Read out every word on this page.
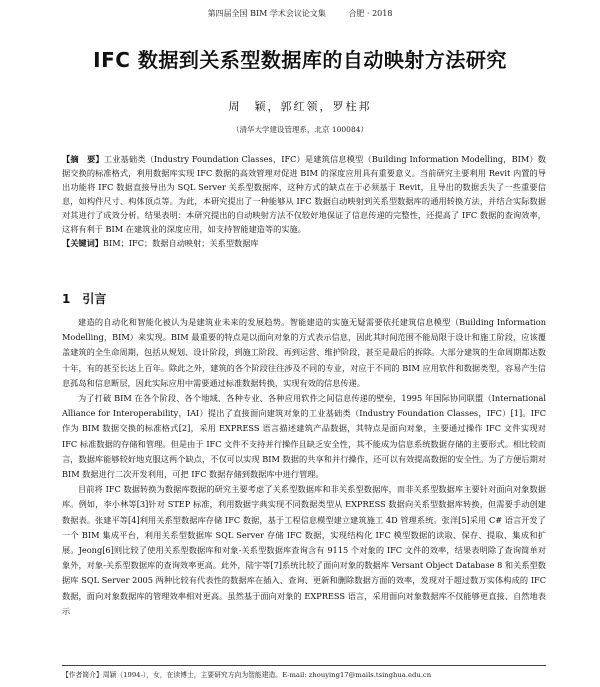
第四届全国 BIM 学术会议论文集	合肥 · 2018
IFC 数据到关系型数据库的自动映射方法研究
周　颖，郭红领，罗柱邦
（清华大学建设管理系，北京 100084）
【摘　要】工业基础类（Industry Foundation Classes，IFC）是建筑信息模型（Building Information Modelling，BIM）数据交换的标准格式，利用数据库实现 IFC 数据的高效管理对促进 BIM 的深度应用具有重要意义。当前研究主要利用 Revit 内置的导出功能将 IFC 数据直接导出为 SQL Server 关系型数据库，这种方式的缺点在于必须基于 Revit，且导出的数据丢失了一些重要信息，如构件尺寸、构体顶点等。为此，本研究提出了一种能够从 IFC 数据自动映射到关系型数据库的通用转换方法，并结合实际数据对其进行了成效分析。结果表明：本研究提出的自动映射方法不仅较好地保证了信息传递的完整性，还提高了 IFC 数据的查询效率，这将有利于 BIM 在建筑业的深度应用，如支持智能建造等的实施。
【关键词】BIM；IFC；数据自动映射；关系型数据库
1 引言

建造的自动化和智能化被认为是建筑业未来的发展趋势。智能建造的实施无疑需要依托建筑信息模型（Building Information Modelling，BIM）来实现。BIM 最重要的特点是以面向对象的方式表示信息，因此其时间范围不能局限于设计和施工阶段，应该覆盖建筑的全生命周期，包括从规划、设计阶段，到施工阶段、再到运营、维护阶段，甚至是最后的拆除。大部分建筑的生命周期都达数十年，有的甚至长达上百年。除此之外，建筑的各个阶段往往涉及不同的专业，对应于不同的 BIM 应用软件和数据类型，容易产生信息孤岛和信息断层，因此实际应用中需要通过标准数据转换，实现有效的信息传递。

为了打破 BIM 在各个阶段、各个地域、各种专业、各种应用软件之间信息传递的壁垒，1995 年国际协同联盟（International Alliance for Interoperability，IAI）提出了直接面向建筑对象的工业基础类（Industry Foundation Classes，IFC）[1]。IFC 作为 BIM 数据交换的标准格式[2]，采用 EXPRESS 语言描述建筑产品数据，其特点是面向对象，主要通过操作 IFC 文件实现对 IFC 标准数据的存储和管理。但是由于 IFC 文件不支持并行操作且缺乏安全性，其不能成为信息系统数据存储的主要形式。相比较而言，数据库能够较好地克服这两个缺点，不仅可以实现 BIM 数据的共享和并行操作，还可以有效提高数据的安全性。为了方便后期对 BIM 数据进行二次开发利用，可把 IFC 数据存储到数据库中进行管理。

目前将 IFC 数据转换为数据库数据的研究主要考虑了关系型数据库和非关系型数据库，而非关系型数据库主要针对面向对象数据库。例如，李小林等[3]针对 STEP 标准，利用数据字典实现不同数据类型从 EXPRESS 数据向关系型数据库转换，但需要手动创建数据表。张建平等[4]利用关系型数据库存储 IFC 数据，基于工程信息模型建立建筑施工 4D 管理系统。张洋[5]采用 C# 语言开发了一个 BIM 集成平台，利用关系型数据库 SQL Server 存储 IFC 数据，实现结构化 IFC 模型数据的读取、保存、提取、集成和扩展。Jeong[6]则比较了使用关系型数据库和对象-关系型数据库查询含有 9115 个对象的 IFC 文件的效率，结果表明除了查询简单对象外，对象-关系型数据库的查询效率更高。此外，陆宇等[7]系统比较了面向对象的数据库 Versant Object Database 8 和关系型数据库 SQL Server 2005 两种比较有代表性的数据库在插入、查询、更新和删除数据方面的效率，发现对于超过数万实体构成的 IFC 数据，面向对象数据库的管理效率相对更高。虽然基于面向对象的 EXPRESS 语言，采用面向对象数据库不仅能够更直接、自然地表示

【作者简介】周颖（1994-），女，在读博士，主要研究方向为智能建造。E-mail: zhouying17@mails.tsinghua.edu.cn
